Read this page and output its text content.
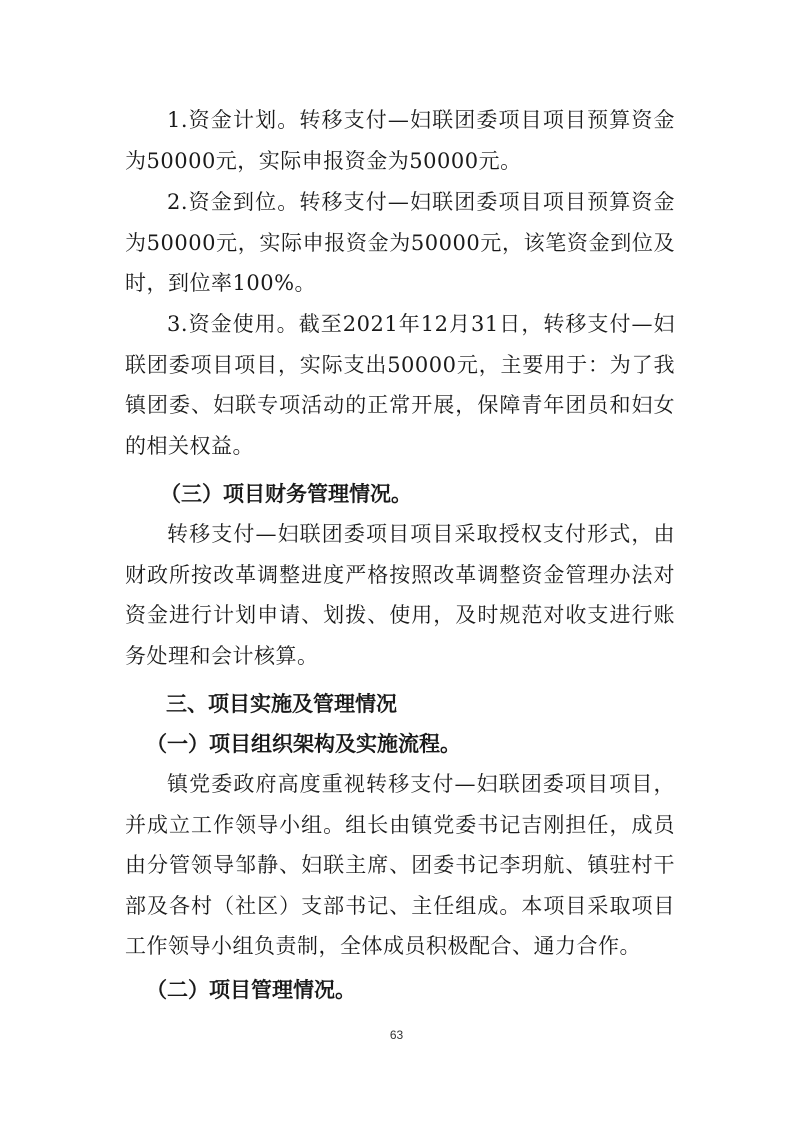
1.资金计划。转移支付—妇联团委项目项目预算资金为50000元，实际申报资金为50000元。

2.资金到位。转移支付—妇联团委项目项目预算资金为50000元，实际申报资金为50000元，该笔资金到位及时，到位率100%。

3.资金使用。截至2021年12月31日，转移支付—妇联团委项目项目，实际支出50000元，主要用于：为了我镇团委、妇联专项活动的正常开展，保障青年团员和妇女的相关权益。

（三）项目财务管理情况。

转移支付—妇联团委项目项目采取授权支付形式，由财政所按改革调整进度严格按照改革调整资金管理办法对资金进行计划申请、划拨、使用，及时规范对收支进行账务处理和会计核算。

三、项目实施及管理情况
（一）项目组织架构及实施流程。

镇党委政府高度重视转移支付—妇联团委项目项目，并成立工作领导小组。组长由镇党委书记吉刚担任，成员由分管领导邹静、妇联主席、团委书记李玥航、镇驻村干部及各村（社区）支部书记、主任组成。本项目采取项目工作领导小组负责制，全体成员积极配合、通力合作。

（二）项目管理情况。
63
